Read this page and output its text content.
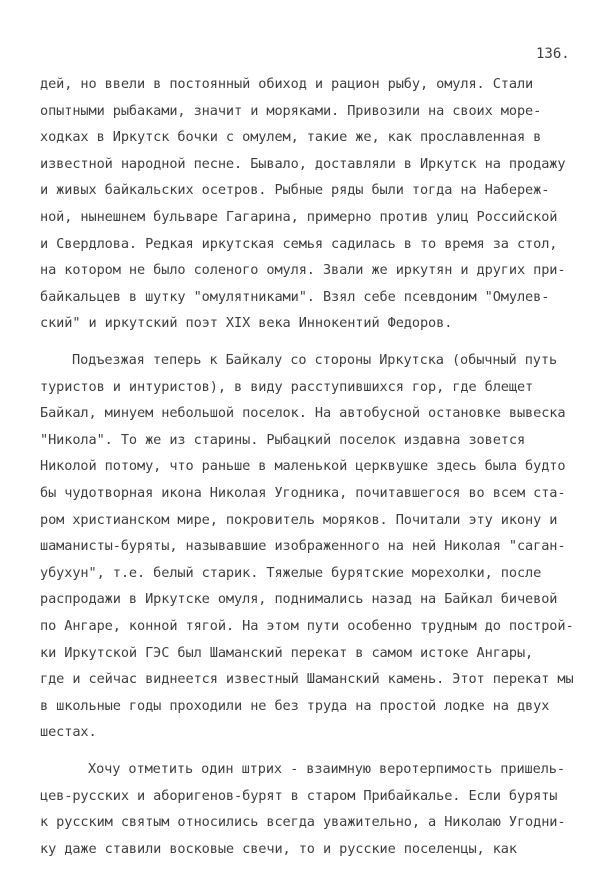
136.
дей, но ввели в постоянный обиход и рацион рыбу, омуля. Стали
опытными рыбаками, значит и моряками. Привозили на своих море-
ходках в Иркутск бочки с омулем, такие же, как прославленная в
известной народной песне. Бывало, доставляли в Иркутск на продажу
и живых байкальских осетров. Рыбные ряды были тогда на Набереж-
ной, нынешнем бульваре Гагарина, примерно против улиц Российской
и Свердлова. Редкая иркутская семья садилась в то время за стол,
на котором не было соленого омуля. Звали же иркутян и других при-
байкальцев в шутку "омулятниками". Взял себе псевдоним "Омулев-
ский" и иркутский поэт XIX века Иннокентий Федоров.
Подъезжая теперь к Байкалу со стороны Иркутска (обычный путь
туристов и интуристов), в виду расступившихся гор, где блещет
Байкал, минуем небольшой поселок. На автобусной остановке вывеска
"Никола". То же из старины. Рыбацкий поселок издавна зовется
Николой потому, что раньше в маленькой церквушке здесь была будто
бы чудотворная икона Николая Угодника, почитавшегося во всем ста-
ром христианском мире, покровитель моряков. Почитали эту икону и
шаманисты-буряты, называвшие изображенного на ней Николая "саган-
убухун", т.е. белый старик. Тяжелые бурятские морехолки, после
распродажи в Иркутске омуля, поднимались назад на Байкал бичевой
по Ангаре, конной тягой. На этом пути особенно трудным до построй-
ки Иркутской ГЭС был Шаманский перекат в самом истоке Ангары,
где и сейчас виднеется известный Шаманский камень. Этот перекат мы
в школьные годы проходили не без труда на простой лодке на двух
шестах.
Хочу отметить один штрих - взаимную веротерпимость пришель-
цев-русских и аборигенов-бурят в старом Прибайкалье. Если буряты
к русским святым относились всегда уважительно, а Николаю Угодни-
ку даже ставили восковые свечи, то и русские поселенцы, как
